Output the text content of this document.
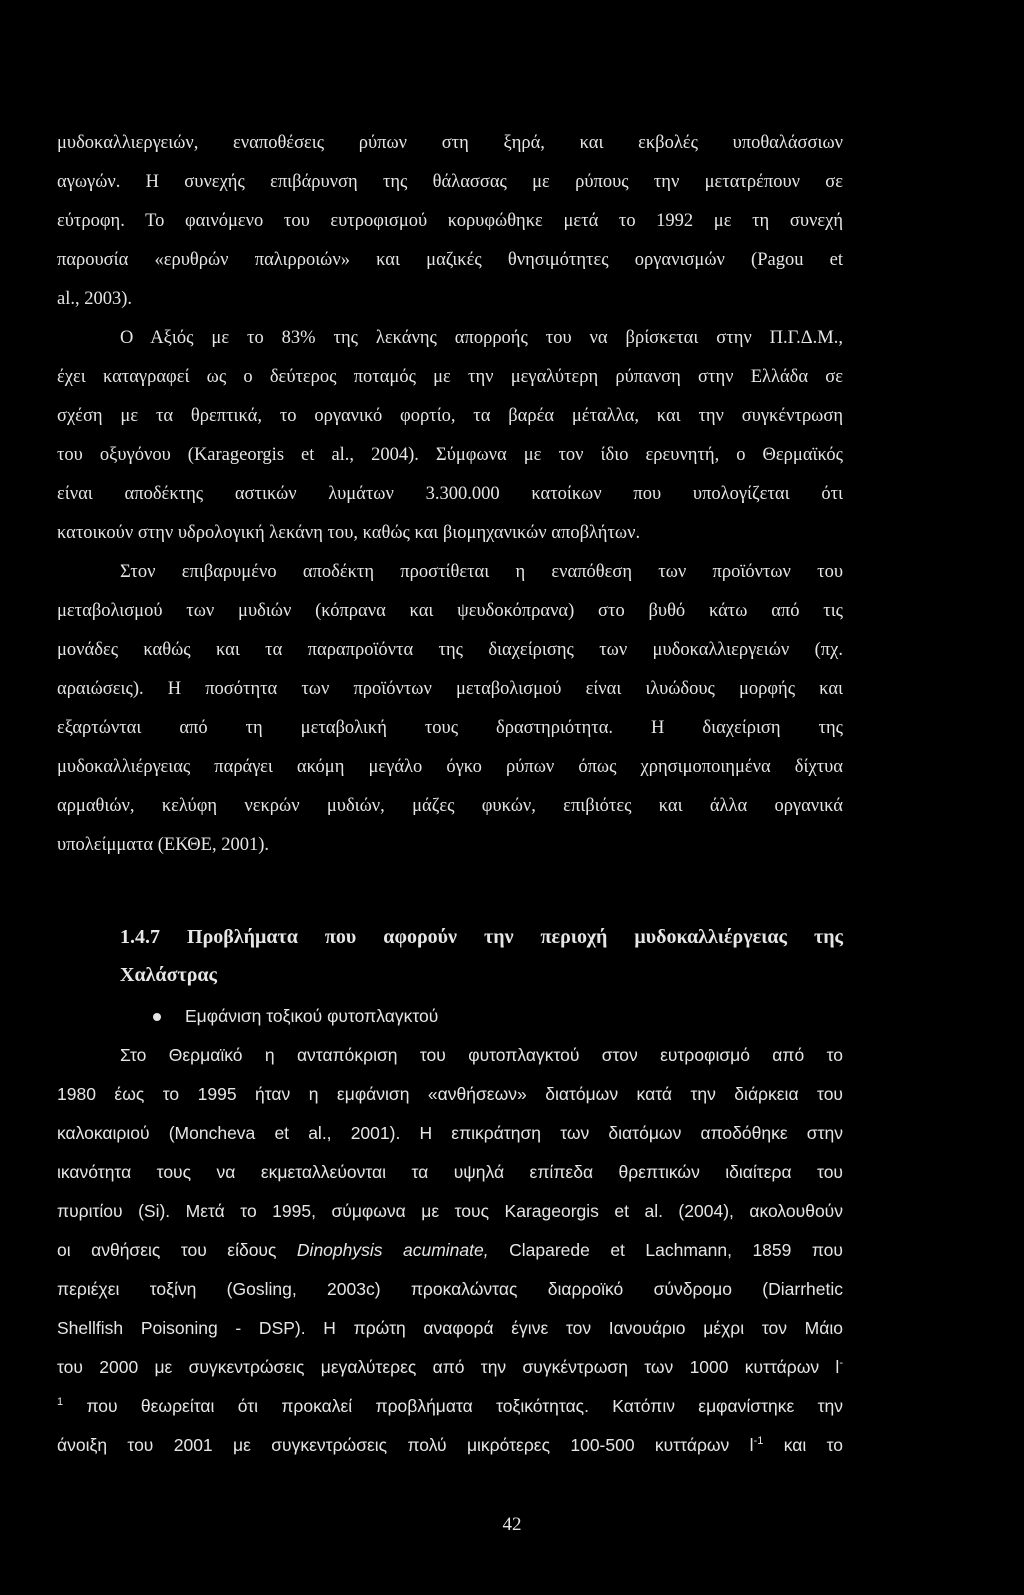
μυδοκαλλιεργειών, εναποθέσεις ρύπων στη ξηρά, και εκβολές υποθαλάσσιων
αγωγών. Η συνεχής επιβάρυνση της θάλασσας με ρύπους την μετατρέπουν σε
εύτροφη. Το φαινόμενο του ευτροφισμού κορυφώθηκε μετά το 1992 με τη συνεχή
παρουσία «ερυθρών παλιρροιών» και μαζικές θνησιμότητες οργανισμών (Pagou et
al., 2003).
Ο Αξιός με το 83% της λεκάνης απορροής του να βρίσκεται στην Π.Γ.Δ.Μ.,
έχει καταγραφεί ως ο δεύτερος ποταμός με την μεγαλύτερη ρύπανση στην Ελλάδα σε
σχέση με τα θρεπτικά, το οργανικό φορτίο, τα βαρέα μέταλλα, και την συγκέντρωση
του οξυγόνου (Karageorgis et al., 2004). Σύμφωνα με τον ίδιο ερευνητή, ο Θερμαϊκός
είναι αποδέκτης αστικών λυμάτων 3.300.000 κατοίκων που υπολογίζεται ότι
κατοικούν στην υδρολογική λεκάνη του, καθώς και βιομηχανικών αποβλήτων.
Στον επιβαρυμένο αποδέκτη προστίθεται η εναπόθεση των προϊόντων του
μεταβολισμού των μυδιών (κόπρανα και ψευδοκόπρανα) στο βυθό κάτω από τις
μονάδες καθώς και τα παραπροϊόντα της διαχείρισης των μυδοκαλλιεργειών (πχ.
αραιώσεις). Η ποσότητα των προϊόντων μεταβολισμού είναι ιλυώδους μορφής και
εξαρτώνται από τη μεταβολική τους δραστηριότητα. Η διαχείριση της
μυδοκαλλιέργειας παράγει ακόμη μεγάλο όγκο ρύπων όπως χρησιμοποιημένα δίχτυα
αρμαθιών, κελύφη νεκρών μυδιών, μάζες φυκών, επιβιότες και άλλα οργανικά
υπολείμματα (ΕΚΘΕ, 2001).
1.4.7 Προβλήματα που αφορούν την περιοχή μυδοκαλλιέργειας της
Χαλάστρας
Εμφάνιση τοξικού φυτοπλαγκτού
Στο Θερμαϊκό η ανταπόκριση του φυτοπλαγκτού στον ευτροφισμό από το
1980 έως το 1995 ήταν η εμφάνιση «ανθήσεων» διατόμων κατά την διάρκεια του
καλοκαιριού (Moncheva et al., 2001). Η επικράτηση των διατόμων αποδόθηκε στην
ικανότητα τους να εκμεταλλεύονται τα υψηλά επίπεδα θρεπτικών ιδιαίτερα του
πυριτίου (Si). Μετά το 1995, σύμφωνα με τους Karageorgis et al. (2004), ακολουθούν
οι ανθήσεις του είδους Dinophysis acuminate, Claparede et Lachmann, 1859 που
περιέχει τοξίνη (Gosling, 2003c) προκαλώντας διαρροϊκό σύνδρομο (Diarrhetic
Shellfish Poisoning - DSP). Η πρώτη αναφορά έγινε τον Ιανουάριο μέχρι τον Μάιο
του 2000 με συγκεντρώσεις μεγαλύτερες από την συγκέντρωση των 1000 κυττάρων l-
$^1$ που θεωρείται ότι προκαλεί προβλήματα τοξικότητας. Κατόπιν εμφανίστηκε την
άνοιξη του 2001 με συγκεντρώσεις πολύ μικρότερες 100-500 κυττάρων $l^{-1}$ και το
42
